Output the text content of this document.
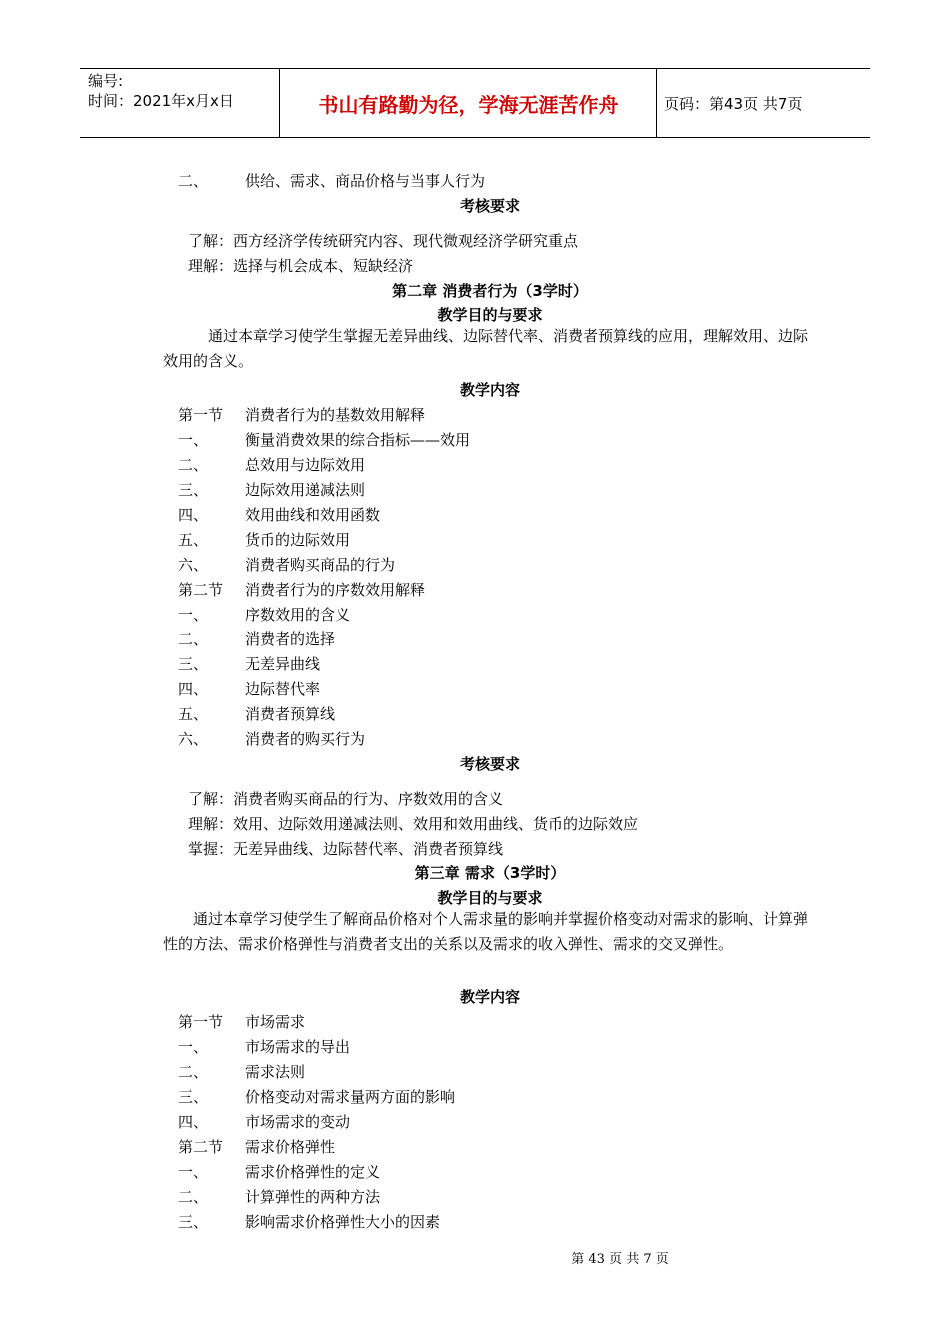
编号:
时间：2021年x月x日	书山有路勤为径，学海无涯苦作舟	页码：第43页 共7页
二、 供给、需求、商品价格与当事人行为
考核要求
了解：西方经济学传统研究内容、现代微观经济学研究重点
理解：选择与机会成本、短缺经济
第二章 消费者行为（3学时）
教学目的与要求
通过本章学习使学生掌握无差异曲线、边际替代率、消费者预算线的应用，理解效用、边际效用的含义。
教学内容
第一节 消费者行为的基数效用解释
一、 衡量消费效果的综合指标——效用
二、 总效用与边际效用
三、 边际效用递减法则
四、 效用曲线和效用函数
五、 货币的边际效用
六、 消费者购买商品的行为
第二节 消费者行为的序数效用解释
一、 序数效用的含义
二、 消费者的选择
三、 无差异曲线
四、 边际替代率
五、 消费者预算线
六、 消费者的购买行为
考核要求
了解：消费者购买商品的行为、序数效用的含义
理解：效用、边际效用递减法则、效用和效用曲线、货币的边际效应
掌握：无差异曲线、边际替代率、消费者预算线
第三章 需求（3学时）
教学目的与要求
通过本章学习使学生了解商品价格对个人需求量的影响并掌握价格变动对需求的影响、计算弹性的方法、需求价格弹性与消费者支出的关系以及需求的收入弹性、需求的交叉弹性。
教学内容
第一节 市场需求
一、 市场需求的导出
二、 需求法则
三、 价格变动对需求量两方面的影响
四、 市场需求的变动
第二节 需求价格弹性
一、 需求价格弹性的定义
二、 计算弹性的两种方法
三、 影响需求价格弹性大小的因素
第 43 页 共 7 页
